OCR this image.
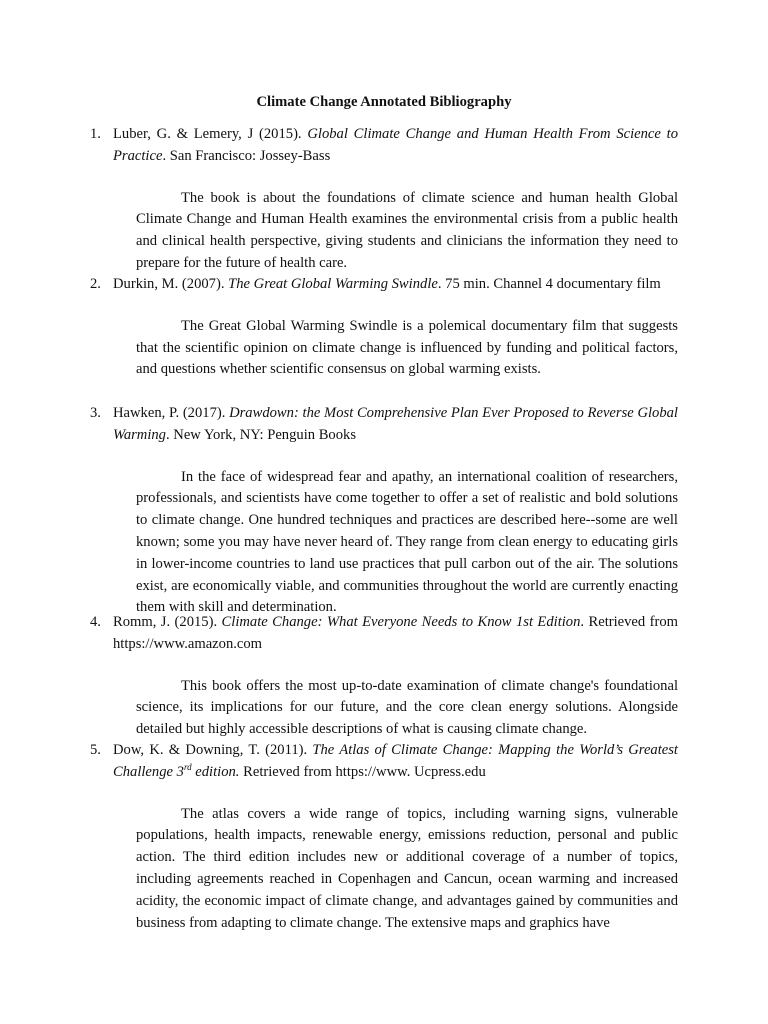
Climate Change Annotated Bibliography
1. Luber, G. & Lemery, J (2015). Global Climate Change and Human Health From Science to Practice. San Francisco: Jossey-Bass
The book is about the foundations of climate science and human health Global Climate Change and Human Health examines the environmental crisis from a public health and clinical health perspective, giving students and clinicians the information they need to prepare for the future of health care.
2. Durkin, M. (2007). The Great Global Warming Swindle. 75 min. Channel 4 documentary film
The Great Global Warming Swindle is a polemical documentary film that suggests that the scientific opinion on climate change is influenced by funding and political factors, and questions whether scientific consensus on global warming exists.
3. Hawken, P. (2017). Drawdown: the Most Comprehensive Plan Ever Proposed to Reverse Global Warming. New York, NY: Penguin Books
In the face of widespread fear and apathy, an international coalition of researchers, professionals, and scientists have come together to offer a set of realistic and bold solutions to climate change. One hundred techniques and practices are described here--some are well known; some you may have never heard of. They range from clean energy to educating girls in lower-income countries to land use practices that pull carbon out of the air. The solutions exist, are economically viable, and communities throughout the world are currently enacting them with skill and determination.
4. Romm, J. (2015). Climate Change: What Everyone Needs to Know 1st Edition. Retrieved from https://www.amazon.com
This book offers the most up-to-date examination of climate change's foundational science, its implications for our future, and the core clean energy solutions. Alongside detailed but highly accessible descriptions of what is causing climate change.
5. Dow, K. & Downing, T. (2011). The Atlas of Climate Change: Mapping the World’s Greatest Challenge 3rd edition. Retrieved from https://www. Ucpress.edu
The atlas covers a wide range of topics, including warning signs, vulnerable populations, health impacts, renewable energy, emissions reduction, personal and public action. The third edition includes new or additional coverage of a number of topics, including agreements reached in Copenhagen and Cancun, ocean warming and increased acidity, the economic impact of climate change, and advantages gained by communities and business from adapting to climate change. The extensive maps and graphics have
